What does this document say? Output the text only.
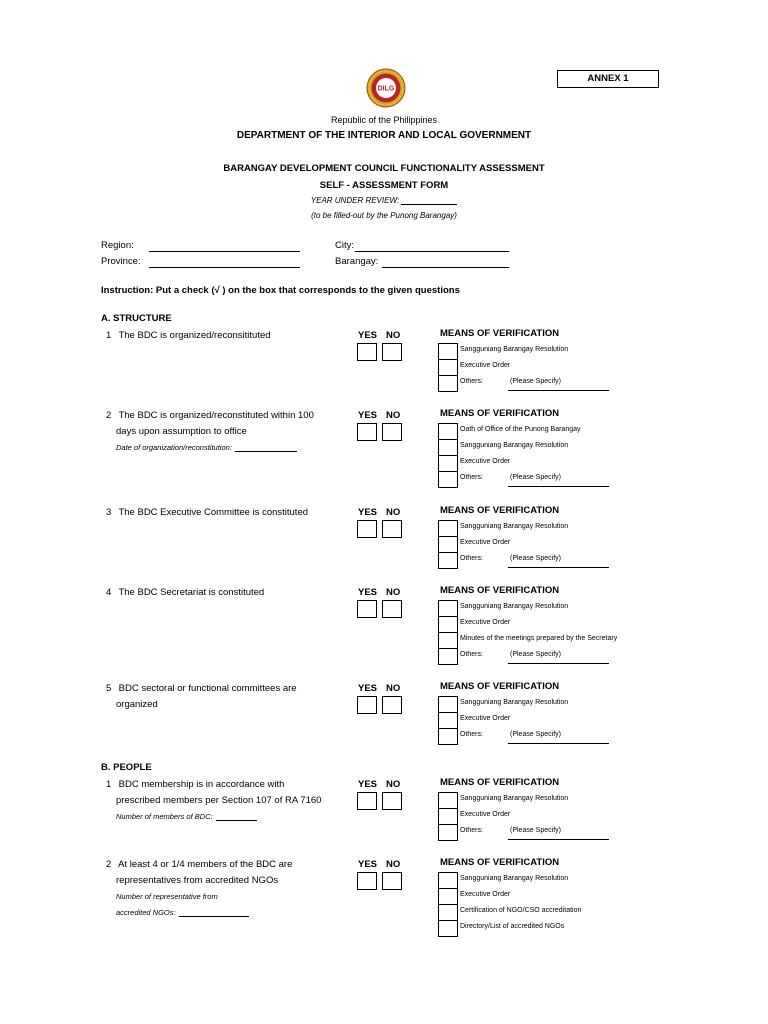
ANNEX 1
DILG
Republic of the Philippines
DEPARTMENT OF THE INTERIOR AND LOCAL GOVERNMENT
BARANGAY DEVELOPMENT COUNCIL FUNCTIONALITY ASSESSMENT
SELF - ASSESSMENT FORM
YEAR UNDER REVIEW:
(to be filled-out by the Punong Barangay)
Region:
Province:
City:
Barangay:
Instruction: Put a check (√ ) on the box that corresponds to the given questions
A. STRUCTURE
B. PEOPLE
1 The BDC is organized/reconsitituted	YES NO	MEANS OF VERIFICATION
Sangguniang Barangay Resolution
Executive Order
Others:	(Please Specify)
2 The BDC is organized/reconstituted within 100
days upon assumption to office
Date of organization/reconstitution:
YES NO	MEANS OF VERIFICATION
Oath of Office of the Punong Barangay
Sangguniang Barangay Resolution
Executive Order
Others:	(Please Specify)
3 The BDC Executive Committee is constituted	YES NO	MEANS OF VERIFICATION
Sangguniang Barangay Resolution
Executive Order
Others:	(Please Specify)
4 The BDC Secretariat is constituted	YES NO	MEANS OF VERIFICATION
Sangguniang Barangay Resolution
Executive Order
Minutes of the meetings prepared by the Secretary
Others:	(Please Specify)
5 BDC sectoral or functional committees are
organized
YES NO	MEANS OF VERIFICATION
Sangguniang Barangay Resolution
Executive Order
Others:	(Please Specify)
1 BDC membership is in accordance with
prescribed members per Section 107 of RA 7160
Number of members of BDC:
YES NO	MEANS OF VERIFICATION
Sangguniang Barangay Resolution
Executive Order
Others:	(Please Specify)
2 At least 4 or 1/4 members of the BDC are
representatives from accredited NGOs
Number of representative from
accredited NGOs:
YES NO	MEANS OF VERIFICATION
Sangguniang Barangay Resolution
Executive Order
Certification of NGO/CSO accreditation
Directory/List of accredited NGOs
